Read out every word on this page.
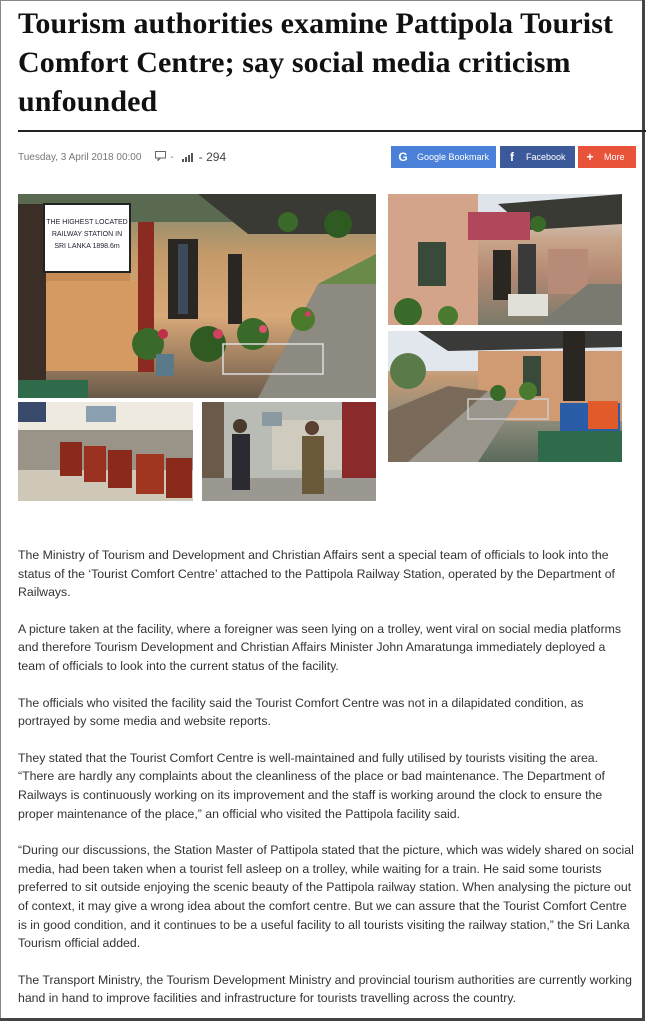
Tourism authorities examine Pattipola Tourist Comfort Centre; say social media criticism unfounded
Tuesday, 3 April 2018 00:00	- - 294	G Google Bookmark	f	Facebook + More
THE HIGHEST LOCATED
RAILWAY STATION IN
SRI LANKA 1898.6m

The Ministry of Tourism and Development and Christian Affairs sent a special team of officials to look into the
status of the ‘Tourist Comfort Centre’ attached to the Pattipola Railway Station, operated by the Department of
Railways.

A picture taken at the facility, where a foreigner was seen lying on a trolley, went viral on social media platforms
and therefore Tourism Development and Christian Affairs Minister John Amaratunga immediately deployed a
team of officials to look into the current status of the facility.

The officials who visited the facility said the Tourist Comfort Centre was not in a dilapidated condition, as
portrayed by some media and website reports.

They stated that the Tourist Comfort Centre is well-maintained and fully utilised by tourists visiting the area.
“There are hardly any complaints about the cleanliness of the place or bad maintenance. The Department of
Railways is continuously working on its improvement and the staff is working around the clock to ensure the
proper maintenance of the place,” an official who visited the Pattipola facility said.

“During our discussions, the Station Master of Pattipola stated that the picture, which was widely shared on social
media, had been taken when a tourist fell asleep on a trolley, while waiting for a train. He said some tourists
preferred to sit outside enjoying the scenic beauty of the Pattipola railway station. When analysing the picture out
of context, it may give a wrong idea about the comfort centre. But we can assure that the Tourist Comfort Centre
is in good condition, and it continues to be a useful facility to all tourists visiting the railway station,” the Sri Lanka
Tourism official added.

The Transport Ministry, the Tourism Development Ministry and provincial tourism authorities are currently working
hand in hand to improve facilities and infrastructure for tourists travelling across the country.
